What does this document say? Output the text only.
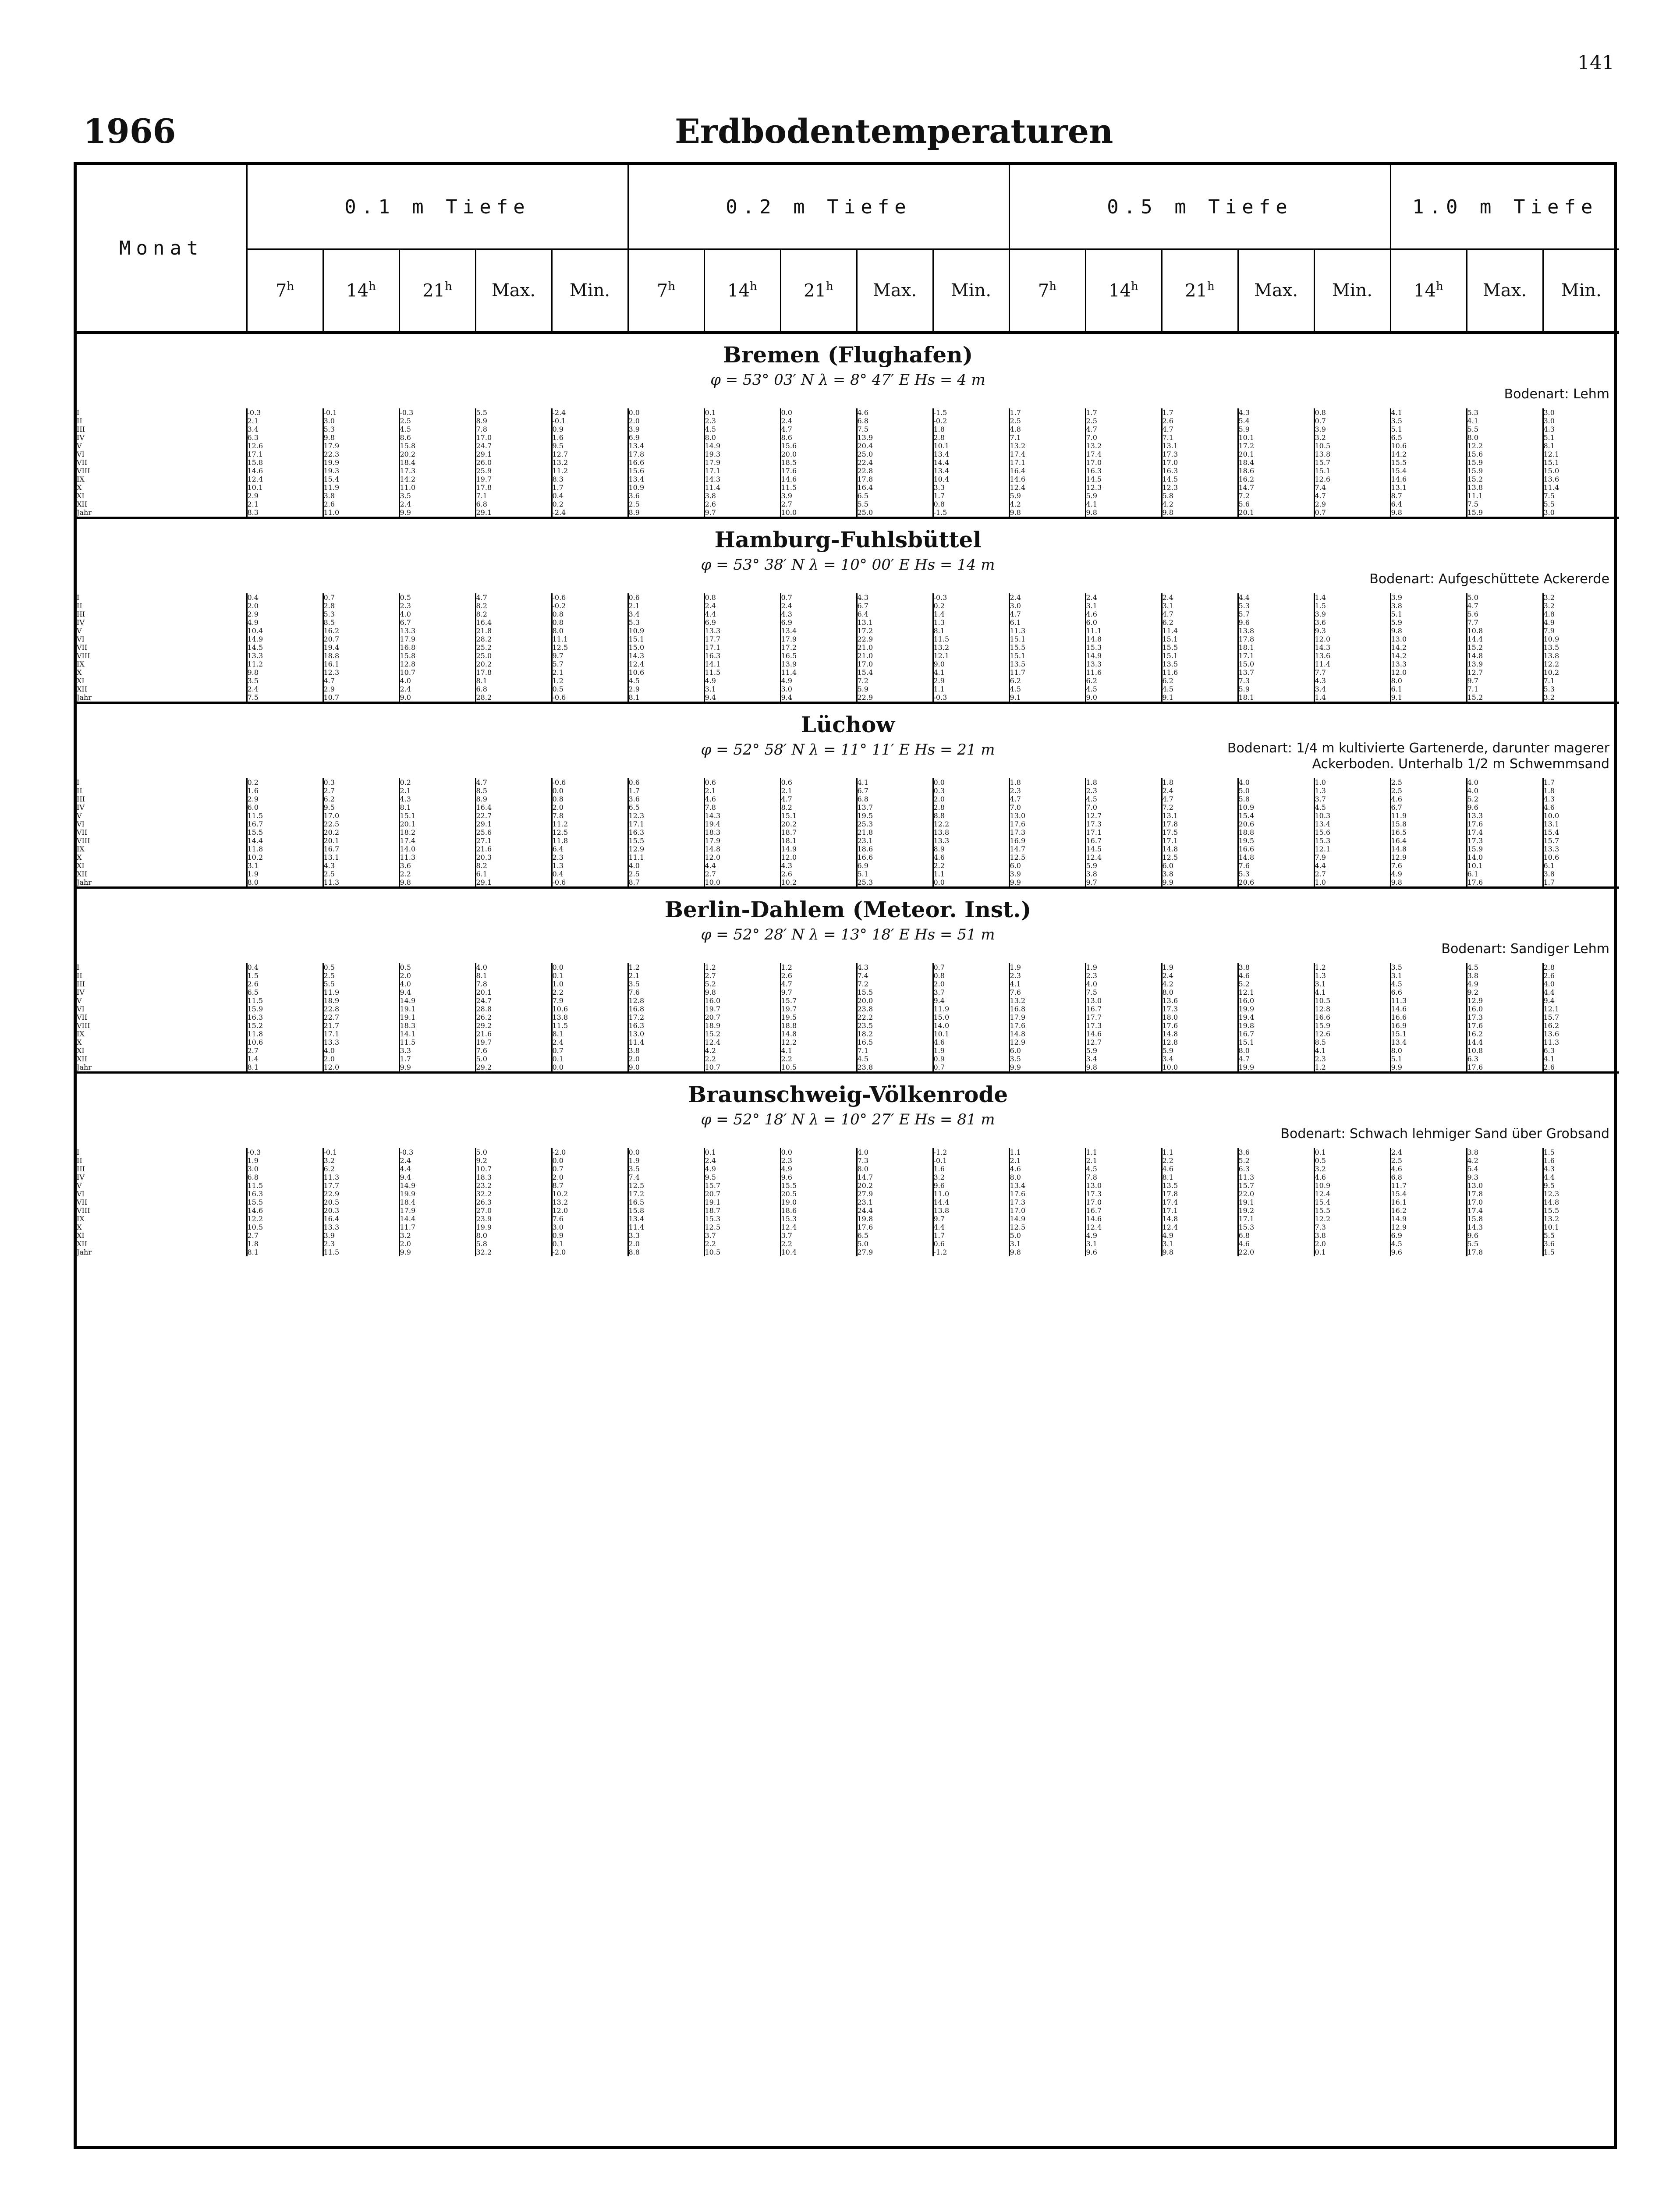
141
1966	Erdbodentemperaturen
Monat	0.1 m Tiefe					0.2 m Tiefe					0.5 m Tiefe					1.0 m Tiefe		
	7$^h$	14$^h$	21$^h$	Max.	Min.	7$^h$	14$^h$	21$^h$	Max.	Min.	7$^h$	14$^h$	21$^h$	Max.	Min.	14$^h$	Max.	Min.

Bremen (Flughafen)
φ = 53° 03′ N λ = 8° 47′ E Hs = 4 m
Bodenart: Lehm																		

I	-0.3	-0.1	-0.3	5.5	-2.4	0.0	0.1	0.0	4.6	-1.5	1.7	1.7	1.7	4.3	0.8	4.1	5.3	3.0
II	2.1	3.0	2.5	8.9	-0.1	2.0	2.3	2.4	6.8	-0.2	2.5	2.5	2.6	5.4	0.7	3.5	4.1	3.0
III	3.4	5.3	4.5	7.8	0.9	3.9	4.5	4.7	7.5	1.8	4.8	4.7	4.7	5.9	3.9	5.1	5.5	4.3
IV	6.3	9.8	8.6	17.0	1.6	6.9	8.0	8.6	13.9	2.8	7.1	7.0	7.1	10.1	3.2	6.5	8.0	5.1
V	12.6	17.9	15.8	24.7	9.5	13.4	14.9	15.6	20.4	10.1	13.2	13.2	13.1	17.2	10.5	10.6	12.2	8.1
VI	17.1	22.3	20.2	29.1	12.7	17.8	19.3	20.0	25.0	13.4	17.4	17.4	17.3	20.1	13.8	14.2	15.6	12.1
VII	15.8	19.9	18.4	26.0	13.2	16.6	17.9	18.5	22.4	14.4	17.1	17.0	17.0	18.4	15.7	15.5	15.9	15.1
VIII	14.6	19.3	17.3	25.9	11.2	15.6	17.1	17.6	22.8	13.4	16.4	16.3	16.3	18.6	15.1	15.4	15.9	15.0
IX	12.4	15.4	14.2	19.7	8.3	13.4	14.3	14.6	17.8	10.4	14.6	14.5	14.5	16.2	12.6	14.6	15.2	13.6
X	10.1	11.9	11.0	17.8	1.7	10.9	11.4	11.5	16.4	3.3	12.4	12.3	12.3	14.7	7.4	13.1	13.8	11.4
XI	2.9	3.8	3.5	7.1	0.4	3.6	3.8	3.9	6.5	1.7	5.9	5.9	5.8	7.2	4.7	8.7	11.1	7.5
XII	2.1	2.6	2.4	6.8	0.2	2.5	2.6	2.7	5.5	0.8	4.2	4.1	4.2	5.6	2.9	6.4	7.5	5.5
Jahr	8.3	11.0	9.9	29.1	-2.4	8.9	9.7	10.0	25.0	-1.5	9.8	9.8	9.8	20.1	0.7	9.8	15.9	3.0

Hamburg-Fuhlsbüttel
φ = 53° 38′ N λ = 10° 00′ E Hs = 14 m
Bodenart: Aufgeschüttete Ackererde																		

I	0.4	0.7	0.5	4.7	-0.6	0.6	0.8	0.7	4.3	-0.3	2.4	2.4	2.4	4.4	1.4	3.9	5.0	3.2
II	2.0	2.8	2.3	8.2	-0.2	2.1	2.4	2.4	6.7	0.2	3.0	3.1	3.1	5.3	1.5	3.8	4.7	3.2
III	2.9	5.3	4.0	8.2	0.8	3.4	4.4	4.3	6.4	1.4	4.7	4.6	4.7	5.7	3.9	5.1	5.6	4.8
IV	4.9	8.5	6.7	16.4	0.8	5.3	6.9	6.9	13.1	1.3	6.1	6.0	6.2	9.6	3.6	5.9	7.7	4.9
V	10.4	16.2	13.3	21.8	8.0	10.9	13.3	13.4	17.2	8.1	11.3	11.1	11.4	13.8	9.3	9.8	10.8	7.9
VI	14.9	20.7	17.9	28.2	11.1	15.1	17.7	17.9	22.9	11.5	15.1	14.8	15.1	17.8	12.0	13.0	14.4	10.9
VII	14.5	19.4	16.8	25.2	12.5	15.0	17.1	17.2	21.0	13.2	15.5	15.3	15.5	18.1	14.3	14.2	15.2	13.5
VIII	13.3	18.8	15.8	25.0	9.7	14.3	16.3	16.5	21.0	12.1	15.1	14.9	15.1	17.1	13.6	14.2	14.8	13.8
IX	11.2	16.1	12.8	20.2	5.7	12.4	14.1	13.9	17.0	9.0	13.5	13.3	13.5	15.0	11.4	13.3	13.9	12.2
X	9.8	12.3	10.7	17.8	2.1	10.6	11.5	11.4	15.4	4.1	11.7	11.6	11.6	13.7	7.7	12.0	12.7	10.2
XI	3.5	4.7	4.0	8.1	1.2	4.5	4.9	4.9	7.2	2.9	6.2	6.2	6.2	7.3	4.3	8.0	9.7	7.1
XII	2.4	2.9	2.4	6.8	0.5	2.9	3.1	3.0	5.9	1.1	4.5	4.5	4.5	5.9	3.4	6.1	7.1	5.3
Jahr	7.5	10.7	9.0	28.2	-0.6	8.1	9.4	9.4	22.9	-0.3	9.1	9.0	9.1	18.1	1.4	9.1	15.2	3.2

Lüchow
φ = 52° 58′ N λ = 11° 11′ E Hs = 21 m Bodenart: 1/4 m kultivierte Gartenerde, darunter magerer
Ackerboden. Unterhalb 1/2 m Schwemmsand																		

I	0.2	0.3	0.2	4.7	-0.6	0.6	0.6	0.6	4.1	0.0	1.8	1.8	1.8	4.0	1.0	2.5	4.0	1.7
II	1.6	2.7	2.1	8.5	0.0	1.7	2.1	2.1	6.7	0.3	2.3	2.3	2.4	5.0	1.3	2.5	4.0	1.8
III	2.9	6.2	4.3	8.9	0.8	3.6	4.6	4.7	6.8	2.0	4.7	4.5	4.7	5.8	3.7	4.6	5.2	4.3
IV	6.0	9.5	8.1	16.4	2.0	6.5	7.8	8.2	13.7	2.8	7.0	7.0	7.2	10.9	4.5	6.7	9.6	4.6
V	11.5	17.0	15.1	22.7	7.8	12.3	14.3	15.1	19.5	8.8	13.0	12.7	13.1	15.4	10.3	11.9	13.3	10.0
VI	16.7	22.5	20.1	29.1	11.2	17.1	19.4	20.2	25.3	12.2	17.6	17.3	17.8	20.6	13.4	15.8	17.6	13.1
VII	15.5	20.2	18.2	25.6	12.5	16.3	18.3	18.7	21.8	13.8	17.3	17.1	17.5	18.8	15.6	16.5	17.4	15.4
VIII	14.4	20.1	17.4	27.1	11.8	15.5	17.9	18.1	23.1	13.3	16.9	16.7	17.1	19.5	15.3	16.4	17.3	15.7
IX	11.8	16.7	14.0	21.6	6.4	12.9	14.8	14.9	18.6	8.9	14.7	14.5	14.8	16.6	12.1	14.8	15.9	13.3
X	10.2	13.1	11.3	20.3	2.3	11.1	12.0	12.0	16.6	4.6	12.5	12.4	12.5	14.8	7.9	12.9	14.0	10.6
XI	3.1	4.3	3.6	8.2	1.3	4.0	4.4	4.3	6.9	2.2	6.0	5.9	6.0	7.6	4.4	7.6	10.1	6.1
XII	1.9	2.5	2.2	6.1	0.4	2.5	2.7	2.6	5.1	1.1	3.9	3.8	3.8	5.3	2.7	4.9	6.1	3.8
Jahr	8.0	11.3	9.8	29.1	-0.6	8.7	10.0	10.2	25.3	0.0	9.9	9.7	9.9	20.6	1.0	9.8	17.6	1.7

Berlin-Dahlem (Meteor. Inst.)
φ = 52° 28′ N λ = 13° 18′ E Hs = 51 m
Bodenart: Sandiger Lehm																		

I	0.4	0.5	0.5	4.0	0.0	1.2	1.2	1.2	4.3	0.7	1.9	1.9	1.9	3.8	1.2	3.5	4.5	2.8
II	1.5	2.5	2.0	8.1	0.1	2.1	2.7	2.6	7.4	0.8	2.3	2.3	2.4	4.6	1.3	3.1	3.8	2.6
III	2.6	5.5	4.0	7.8	1.0	3.5	5.2	4.7	7.2	2.0	4.1	4.0	4.2	5.2	3.1	4.5	4.9	4.0
IV	6.5	11.9	9.4	20.1	2.2	7.6	9.8	9.7	15.5	3.7	7.6	7.5	8.0	12.1	4.1	6.6	9.2	4.4
V	11.5	18.9	14.9	24.7	7.9	12.8	16.0	15.7	20.0	9.4	13.2	13.0	13.6	16.0	10.5	11.3	12.9	9.4
VI	15.9	22.8	19.1	28.8	10.6	16.8	19.7	19.7	23.8	11.9	16.8	16.7	17.3	19.9	12.8	14.6	16.0	12.1
VII	16.3	22.7	19.1	26.2	13.8	17.2	20.7	19.5	22.2	15.0	17.9	17.7	18.0	19.4	16.6	16.6	17.3	15.7
VIII	15.2	21.7	18.3	29.2	11.5	16.3	18.9	18.8	23.5	14.0	17.6	17.3	17.6	19.8	15.9	16.9	17.6	16.2
IX	11.8	17.1	14.1	21.6	8.1	13.0	15.2	14.8	18.2	10.1	14.8	14.6	14.8	16.7	12.6	15.1	16.2	13.6
X	10.6	13.3	11.5	19.7	2.4	11.4	12.4	12.2	16.5	4.6	12.9	12.7	12.8	15.1	8.5	13.4	14.4	11.3
XI	2.7	4.0	3.3	7.6	0.7	3.8	4.2	4.1	7.1	1.9	6.0	5.9	5.9	8.0	4.1	8.0	10.8	6.3
XII	1.4	2.0	1.7	5.0	0.1	2.0	2.2	2.2	4.5	0.9	3.5	3.4	3.4	4.7	2.3	5.1	6.3	4.1
Jahr	8.1	12.0	9.9	29.2	0.0	9.0	10.7	10.5	23.8	0.7	9.9	9.8	10.0	19.9	1.2	9.9	17.6	2.6

Braunschweig-Völkenrode
φ = 52° 18′ N λ = 10° 27′ E Hs = 81 m
Bodenart: Schwach lehmiger Sand über Grobsand																		

I	-0.3	-0.1	-0.3	5.0	-2.0	0.0	0.1	0.0	4.0	-1.2	1.1	1.1	1.1	3.6	0.1	2.4	3.8	1.5
II	1.9	3.2	2.4	9.2	0.0	1.9	2.4	2.3	7.3	-0.1	2.1	2.1	2.2	5.2	0.5	2.5	4.2	1.6
III	3.0	6.2	4.4	10.7	0.7	3.5	4.9	4.9	8.0	1.6	4.6	4.5	4.6	6.3	3.2	4.6	5.4	4.3
IV	6.8	11.3	9.4	18.3	2.0	7.4	9.5	9.6	14.7	3.2	8.0	7.8	8.1	11.3	4.6	6.8	9.3	4.4
V	11.5	17.7	14.9	23.2	8.7	12.5	15.7	15.5	20.2	9.6	13.4	13.0	13.5	15.7	10.9	11.7	13.0	9.5
VI	16.3	22.9	19.9	32.2	10.2	17.2	20.7	20.5	27.9	11.0	17.6	17.3	17.8	22.0	12.4	15.4	17.8	12.3
VII	15.5	20.5	18.4	26.3	13.2	16.5	19.1	19.0	23.1	14.4	17.3	17.0	17.4	19.1	15.4	16.1	17.0	14.8
VIII	14.6	20.3	17.9	27.0	12.0	15.8	18.7	18.6	24.4	13.8	17.0	16.7	17.1	19.2	15.5	16.2	17.4	15.5
IX	12.2	16.4	14.4	23.9	7.6	13.4	15.3	15.3	19.8	9.7	14.9	14.6	14.8	17.1	12.2	14.9	15.8	13.2
X	10.5	13.3	11.7	19.9	3.0	11.4	12.5	12.4	17.6	4.4	12.5	12.4	12.4	15.3	7.3	12.9	14.3	10.1
XI	2.7	3.9	3.2	8.0	0.9	3.3	3.7	3.7	6.5	1.7	5.0	4.9	4.9	6.8	3.8	6.9	9.6	5.5
XII	1.8	2.3	2.0	5.8	0.1	2.0	2.2	2.2	5.0	0.6	3.1	3.1	3.1	4.6	2.0	4.5	5.5	3.6
Jahr	8.1	11.5	9.9	32.2	-2.0	8.8	10.5	10.4	27.9	-1.2	9.8	9.6	9.8	22.0	0.1	9.6	17.8	1.5
